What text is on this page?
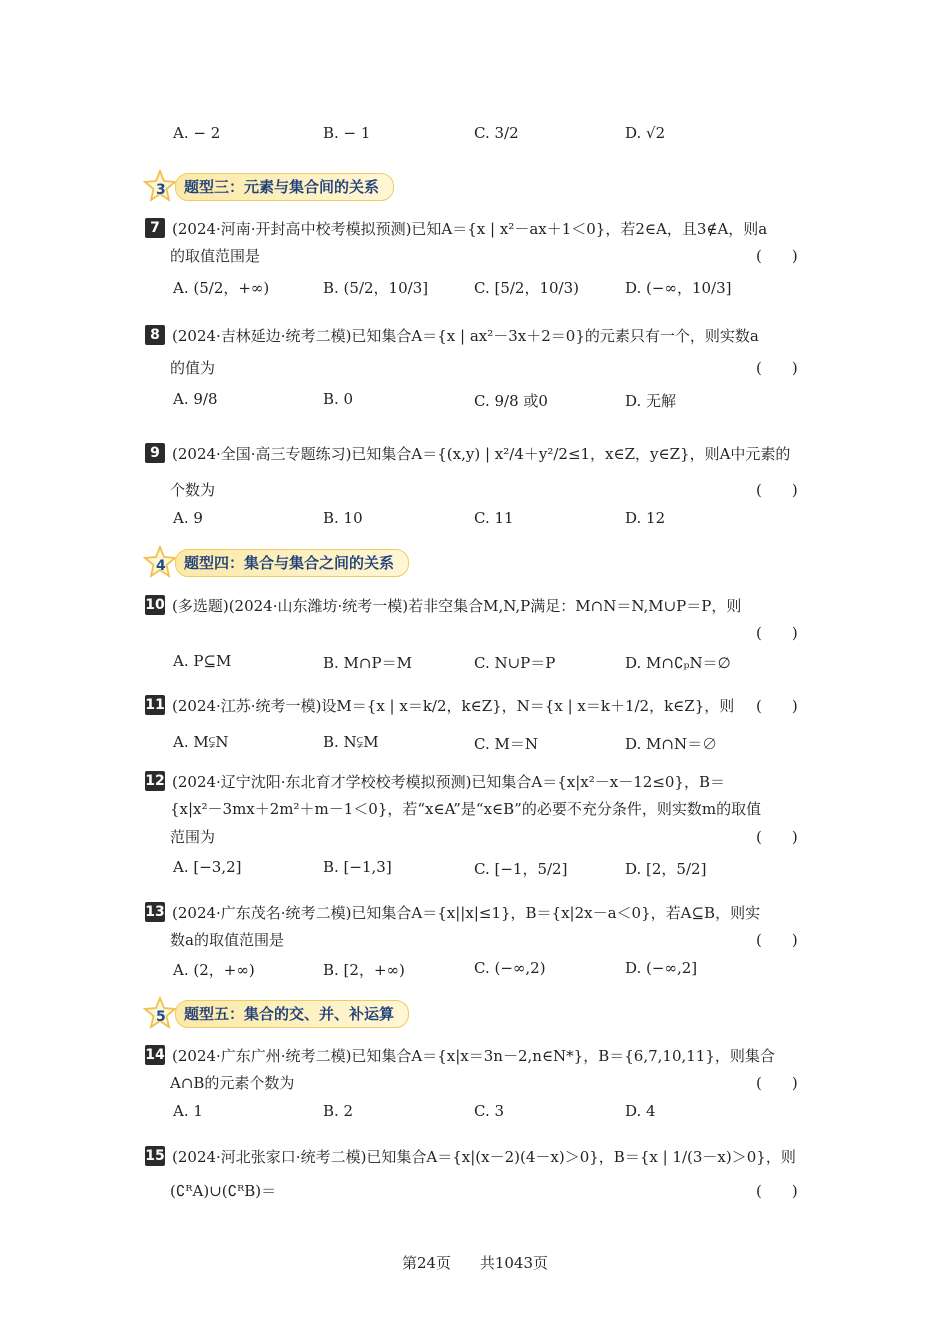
A. − 2	B. − 1	C. 3/2	D. √2
3	题型三：元素与集合间的关系
7 (2024·河南·开封高中校考模拟预测)已知A＝{x | x²－ax＋1＜0}，若2∈A，且3∉A，则a
的取值范围是	(　　)
A. (5/2，+∞)	B. (5/2，10/3]	C. [5/2，10/3)	D. (−∞，10/3]
8 (2024·吉林延边·统考二模)已知集合A＝{x | ax²－3x＋2＝0}的元素只有一个，则实数a
的值为	(　　)
A. 9/8	B. 0	C. 9/8 或0	D. 无解
9 (2024·全国·高三专题练习)已知集合A＝{(x,y) | x²/4＋y²/2≤1，x∈Z，y∈Z}，则A中元素的
个数为	(　　)
A. 9	B. 10	C. 11	D. 12
4	题型四：集合与集合之间的关系
10 (多选题)(2024·山东潍坊·统考一模)若非空集合M,N,P满足：M∩N＝N,M∪P＝P，则
(　　)
A. P⊆M	B. M∩P＝M	C. N∪P＝P	D. M∩∁ₚN＝∅
11 (2024·江苏·统考一模)设M＝{x | x＝k/2，k∈Z}，N＝{x | x＝k＋1/2，k∈Z}，则 (　　)
A. M⫋N	B. N⫋M	C. M＝N	D. M∩N＝∅
12 (2024·辽宁沈阳·东北育才学校校考模拟预测)已知集合A＝{x|x²－x－12≤0}，B＝
{x|x²－3mx＋2m²＋m－1＜0}，若“x∈A”是“x∈B”的必要不充分条件，则实数m的取值
范围为	(　　)
A. [−3,2]	B. [−1,3]	C. [−1，5/2]	D. [2，5/2]
13 (2024·广东茂名·统考二模)已知集合A＝{x||x|≤1}，B＝{x|2x－a＜0}，若A⊆B，则实
数a的取值范围是	(　　)
A. (2，+∞)	B. [2，+∞)	C. (−∞,2)	D. (−∞,2]
5	题型五：集合的交、并、补运算
14 (2024·广东广州·统考二模)已知集合A＝{x|x＝3n－2,n∈N*}，B＝{6,7,10,11}，则集合
A∩B的元素个数为	(　　)
A. 1	B. 2	C. 3	D. 4
15 (2024·河北张家口·统考二模)已知集合A＝{x|(x－2)(4－x)＞0}，B＝{x | 1/(3－x)＞0}，则
(∁ᴿA)∪(∁ᴿB)＝	(　　)
第24页 共1043页
